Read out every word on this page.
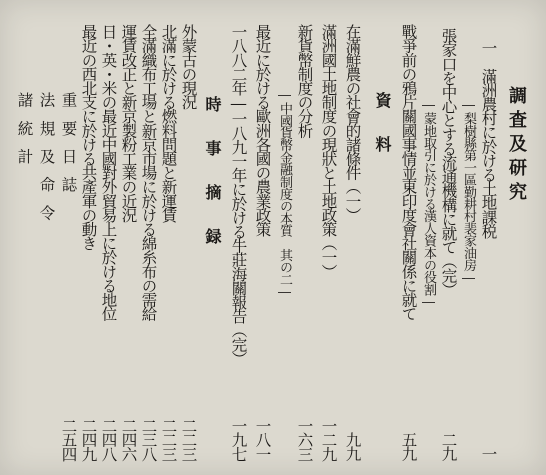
調査及研究
一　滿洲農村に於ける土地課税
一
―梨樹縣第一區勤耕村裴家油房―
張家口を中心とする流通機構に就て（完）
二九
―蒙地取引に於ける漢人資本の役割―
戰爭前の鴉片關國事情並東印度會社關係に就て
五九
資　料
在滿鮮農の社會的諸條件（一）
九九
滿洲國土地制度の現狀と土地政策（一）
一二九
新貨幣制度の分析
一六三
―中國貨幣金融制度の本質　其の二―
最近に於ける歐洲各國の農業政策
一八一
一八八二年―一八九一年に於ける牛莊海關報告（完）
一九七
時　事　摘　録
外蒙古の現況
二二三
北滿に於ける燃料問題と新運賃
二二三
全滿織布工場と新京市場に於ける綿糸布の需給
二三八
運賃改正と新京製粉工業の近況
二四六
日・英・米の最近中國對外貿易上に於ける地位
二四八
最近の西北支に於ける共產軍の動き
二四九
重　要　日　誌
二五四
法　規　及　命　令
諸　統　計
